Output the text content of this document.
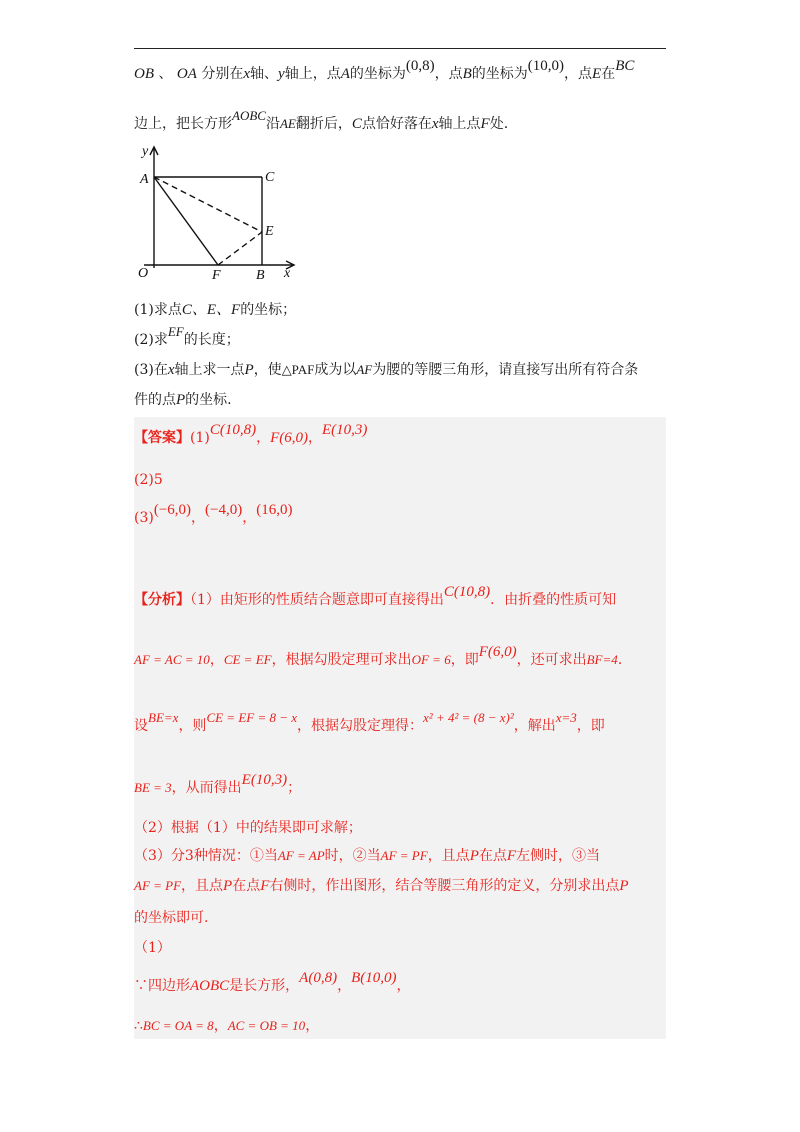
OB 、 OA 分别在x轴、y轴上，点A的坐标为(0,8)，点B的坐标为(10,0)，点E在BC
边上，把长方形AOBC沿AE翻折后，C点恰好落在x轴上点F处.
y
x
A	C
E
O	F	B
(1)求点C、E、F的坐标；
(2)求EF的长度；
(3)在x轴上求一点P，使△PAF成为以AF为腰的等腰三角形，请直接写出所有符合条
件的点P的坐标.
【答案】(1)C(10,8)，F(6,0)，E(10,3)
(2)5
(3)(−6,0)，(−4,0)，(16,0)
【分析】（1）由矩形的性质结合题意即可直接得出C(10,8)．由折叠的性质可知
AF = AC = 10，CE = EF，根据勾股定理可求出OF = 6，即F(6,0)，还可求出BF=4.
设BE=x，则CE = EF = 8 − x，根据勾股定理得：x² + 4² = (8 − x)²，解出x=3，即
BE = 3，从而得出E(10,3)；
（2）根据（1）中的结果即可求解；
（3）分3种情况：①当AF = AP时，②当AF = PF，且点P在点F左侧时，③当
AF = PF，且点P在点F右侧时，作出图形，结合等腰三角形的定义，分别求出点P
的坐标即可.
（1）
∵四边形AOBC是长方形，A(0,8)，B(10,0)，
∴BC = OA = 8，AC = OB = 10，
